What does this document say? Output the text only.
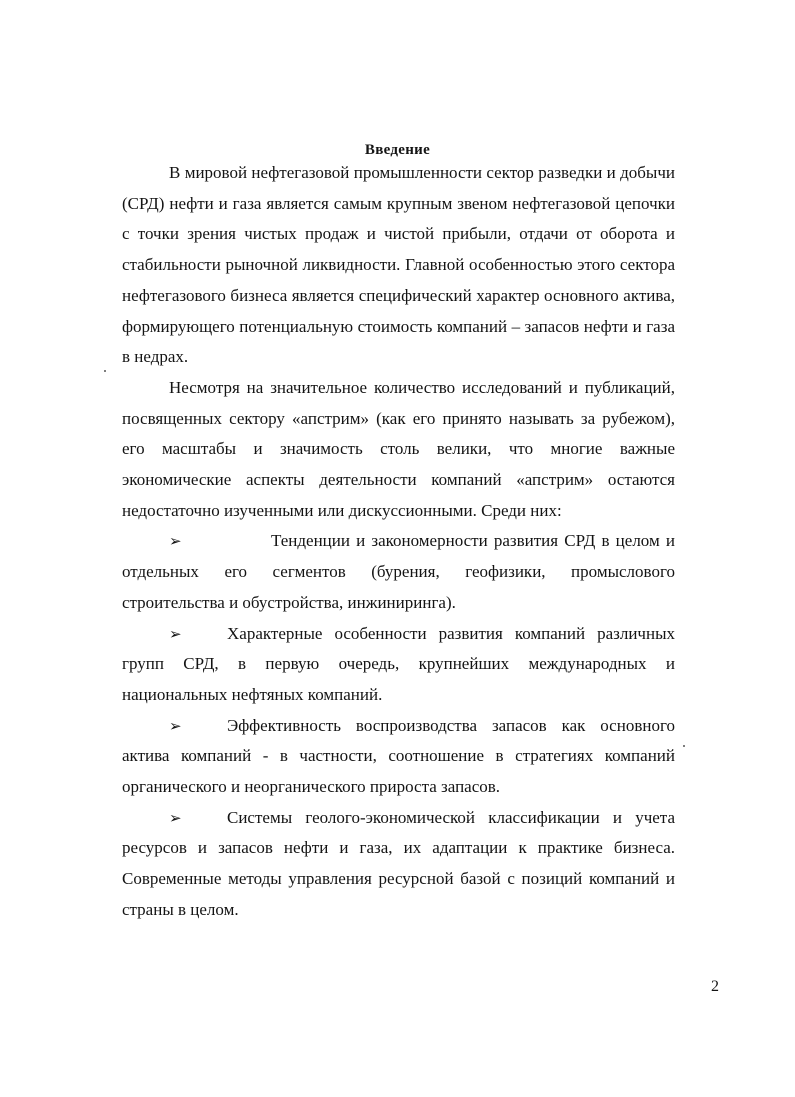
Введение

В мировой нефтегазовой промышленности сектор разведки и добычи (СРД) нефти и газа является самым крупным звеном нефтегазовой цепочки с точки зрения чистых продаж и чистой прибыли, отдачи от оборота и стабильности рыночной ликвидности. Главной особенностью этого сектора нефтегазового бизнеса является специфический характер основного актива, формирующего потенциальную стоимость компаний – запасов нефти и газа в недрах.

Несмотря на значительное количество исследований и публикаций, посвященных сектору «апстрим» (как его принято называть за рубежом), его масштабы и значимость столь велики, что многие важные экономические аспекты деятельности компаний «апстрим» остаются недостаточно изученными или дискуссионными. Среди них:

➢	Тенденции и закономерности развития СРД в целом и отдельных его сегментов (бурения, геофизики, промыслового строительства и обустройства, инжиниринга).

➢	Характерные особенности развития компаний различных групп СРД, в первую очередь, крупнейших международных и национальных нефтяных компаний.

➢	Эффективность воспроизводства запасов как основного актива компаний - в частности, соотношение в стратегиях компаний органического и неорганического прироста запасов.

➢	Системы геолого-экономической классификации и учета ресурсов и запасов нефти и газа, их адаптации к практике бизнеса. Современные методы управления ресурсной базой с позиций компаний и страны в целом.

2
